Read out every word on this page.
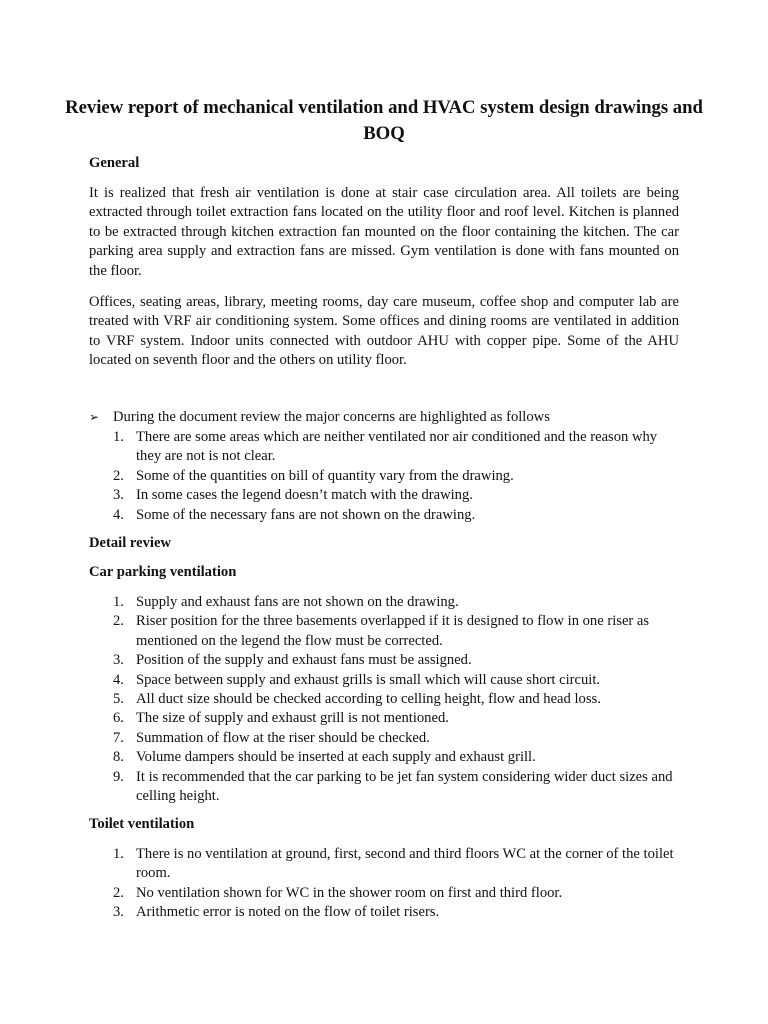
Review report of mechanical ventilation and HVAC system design drawings and BOQ
General

It is realized that fresh air ventilation is done at stair case circulation area. All toilets are being extracted through toilet extraction fans located on the utility floor and roof level. Kitchen is planned to be extracted through kitchen extraction fan mounted on the floor containing the kitchen. The car parking area supply and extraction fans are missed. Gym ventilation is done with fans mounted on the floor.

Offices, seating areas, library, meeting rooms, day care museum, coffee shop and computer lab are treated with VRF air conditioning system. Some offices and dining rooms are ventilated in addition to VRF system. Indoor units connected with outdoor AHU with copper pipe. Some of the AHU located on seventh floor and the others on utility floor.

➢ During the document review the major concerns are highlighted as follows
1. There are some areas which are neither ventilated nor air conditioned and the reason why they are not is not clear.
2. Some of the quantities on bill of quantity vary from the drawing.
3. In some cases the legend doesn’t match with the drawing.
4. Some of the necessary fans are not shown on the drawing.
Detail review
Car parking ventilation
1. Supply and exhaust fans are not shown on the drawing.
2. Riser position for the three basements overlapped if it is designed to flow in one riser as mentioned on the legend the flow must be corrected.
3. Position of the supply and exhaust fans must be assigned.
4. Space between supply and exhaust grills is small which will cause short circuit.
5. All duct size should be checked according to celling height, flow and head loss.
6. The size of supply and exhaust grill is not mentioned.
7. Summation of flow at the riser should be checked.
8. Volume dampers should be inserted at each supply and exhaust grill.
9. It is recommended that the car parking to be jet fan system considering wider duct sizes and celling height.
Toilet ventilation
1. There is no ventilation at ground, first, second and third floors WC at the corner of the toilet room.
2. No ventilation shown for WC in the shower room on first and third floor.
3. Arithmetic error is noted on the flow of toilet risers.
